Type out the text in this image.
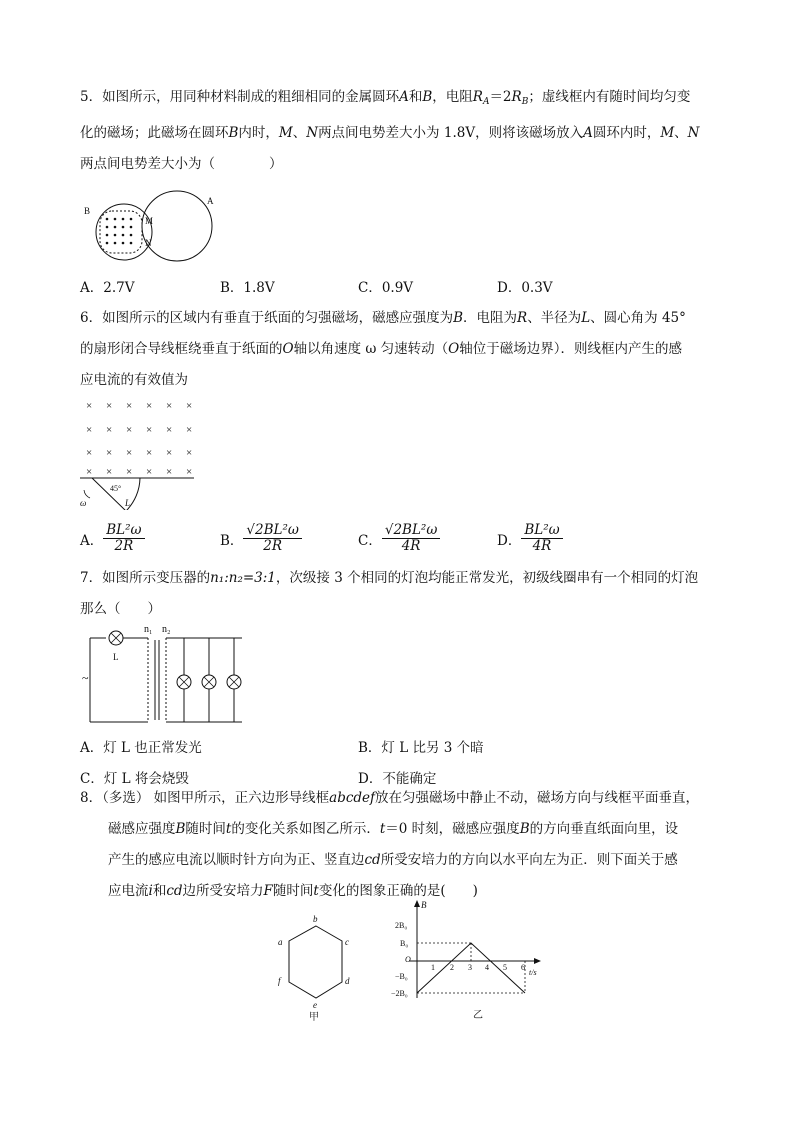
5．如图所示，用同种材料制成的粗细相同的金属圆环A和B，电阻$R_A=2R_B$；虚线框内有随时间均匀变
化的磁场；此磁场在圆环B内时，M、N两点间电势差大小为 1.8V，则将该磁场放入A圆环内时，M、N
两点间电势差大小为（　　　　）
B
A
M
N
A．2.7V	B．1.8V	C．0.9V	D．0.3V
6．如图所示的区域内有垂直于纸面的匀强磁场，磁感应强度为B．电阻为R、半径为L、圆心角为 45°
的扇形闭合导线框绕垂直于纸面的O轴以角速度 ω 匀速转动（O轴位于磁场边界）．则线框内产生的感
应电流的有效值为
× × × × × ×
× × × × × ×
× × × × × ×
× × × × × ×
45°
L
ω
A． $\frac{\text{BL²ω}}{2R}$	B． $\frac{\text{√2BL²ω}}{2R}$	C． $\frac{\text{√2BL²ω}}{4R}$	D． $\frac{\text{BL²ω}}{4R}$
7．如图所示变压器的n₁:n₂=3:1，次级接 3 个相同的灯泡均能正常发光，初级线圈串有一个相同的灯泡
那么（　　）
L
n₁ n₂
~
A．灯 L 也正常发光	B．灯 L 比另 3 个暗
C．灯 L 将会烧毁	D．不能确定
8．（多选） 如图甲所示，正六边形导线框abcdef放在匀强磁场中静止不动，磁场方向与线框平面垂直，
磁感应强度B随时间t的变化关系如图乙所示．t＝0 时刻，磁感应强度B的方向垂直纸面向里，设
产生的感应电流以顺时针方向为正、竖直边cd所受安培力的方向以水平向左为正．则下面关于感
应电流i和cd边所受安培力F随时间t变化的图象正确的是(　　)
b
a	c
f	d
e
甲
B
t/s
O
2B₀
B₀
−B₀
−2B₀
1 2 3 4 5 6
乙
